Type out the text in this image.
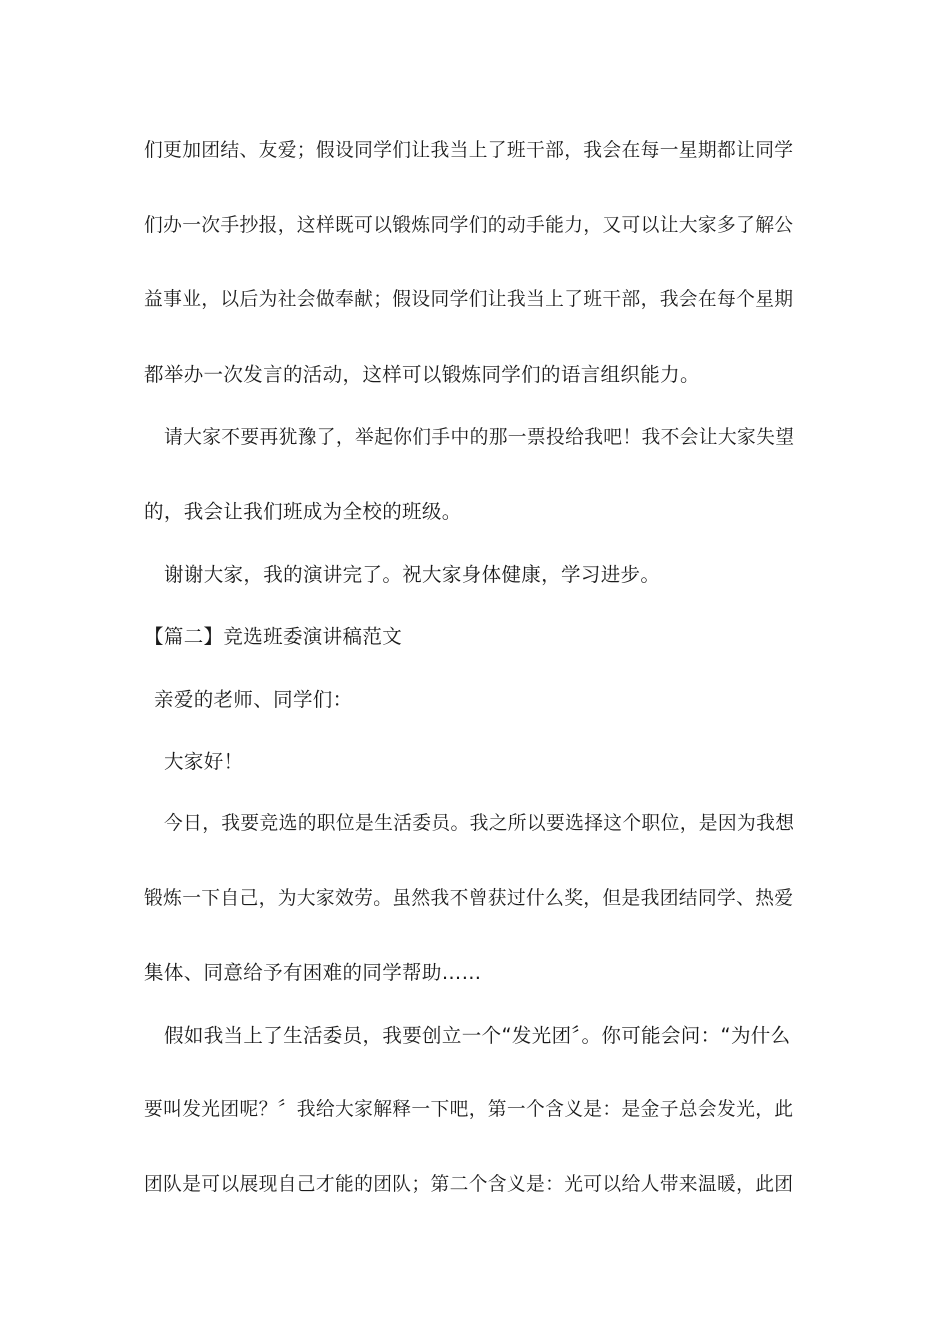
们更加团结、友爱；假设同学们让我当上了班干部，我会在每一星期都让同学
们办一次手抄报，这样既可以锻炼同学们的动手能力，又可以让大家多了解公
益事业，以后为社会做奉献；假设同学们让我当上了班干部，我会在每个星期
都举办一次发言的活动，这样可以锻炼同学们的语言组织能力。
请大家不要再犹豫了，举起你们手中的那一票投给我吧！我不会让大家失望
的，我会让我们班成为全校的班级。
谢谢大家，我的演讲完了。祝大家身体健康，学习进步。
【篇二】竞选班委演讲稿范文
亲爱的老师、同学们：
大家好！
今日，我要竞选的职位是生活委员。我之所以要选择这个职位，是因为我想
锻炼一下自己，为大家效劳。虽然我不曾获过什么奖，但是我团结同学、热爱
集体、同意给予有困难的同学帮助……
假如我当上了生活委员，我要创立一个“发光团〞。你可能会问：“为什么
要叫发光团呢？〞我给大家解释一下吧，第一个含义是：是金子总会发光，此
团队是可以展现自己才能的团队；第二个含义是：光可以给人带来温暖，此团
